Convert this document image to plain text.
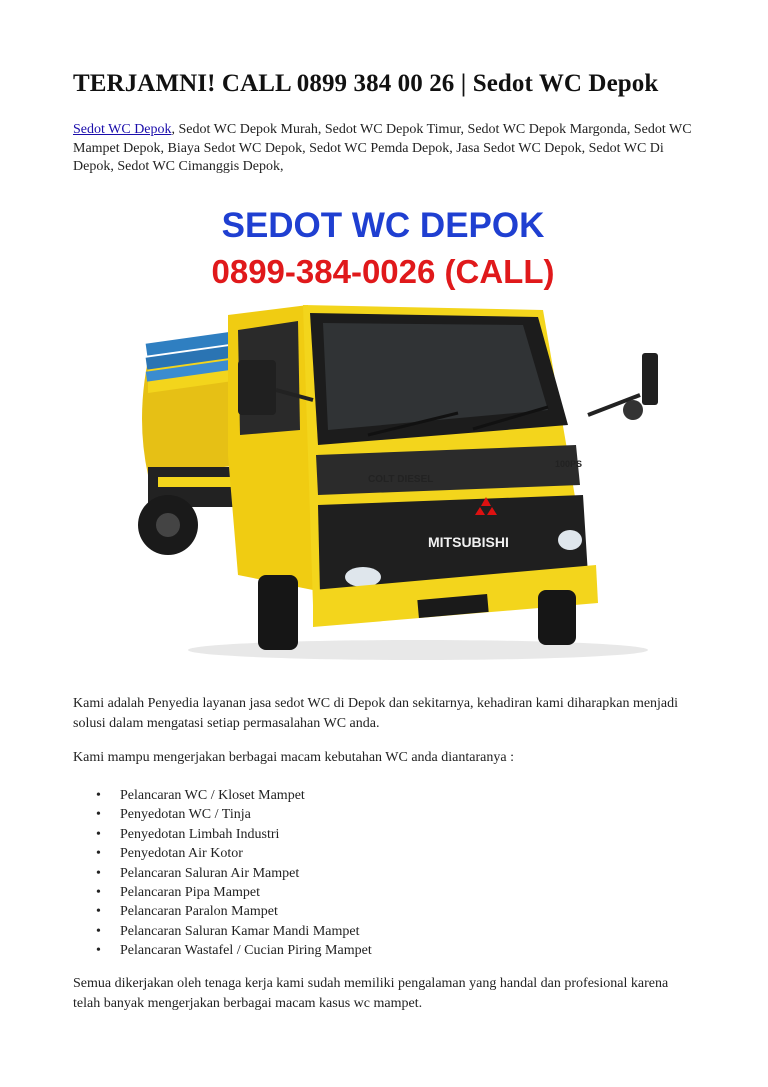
TERJAMNI! CALL 0899 384 00 26 | Sedot WC Depok

Sedot WC Depok, Sedot WC Depok Murah, Sedot WC Depok Timur, Sedot WC Depok Margonda, Sedot WC Mampet Depok, Biaya Sedot WC Depok, Sedot WC Pemda Depok, Jasa Sedot WC Depok, Sedot WC Di Depok, Sedot WC Cimanggis Depok,

SEDOT WC DEPOK
0899-384-0026 (CALL)
COLT DIESEL
100PS
MITSUBISHI

Kami adalah Penyedia layanan jasa sedot WC di Depok dan sekitarnya, kehadiran kami diharapkan menjadi solusi dalam mengatasi setiap permasalahan WC anda.

Kami mampu mengerjakan berbagai macam kebutahan WC anda diantaranya :

• Pelancaran WC / Kloset Mampet
• Penyedotan WC / Tinja
• Penyedotan Limbah Industri
• Penyedotan Air Kotor
• Pelancaran Saluran Air Mampet
• Pelancaran Pipa Mampet
• Pelancaran Paralon Mampet
• Pelancaran Saluran Kamar Mandi Mampet
• Pelancaran Wastafel / Cucian Piring Mampet

Semua dikerjakan oleh tenaga kerja kami sudah memiliki pengalaman yang handal dan profesional karena telah banyak mengerjakan berbagai macam kasus wc mampet.
